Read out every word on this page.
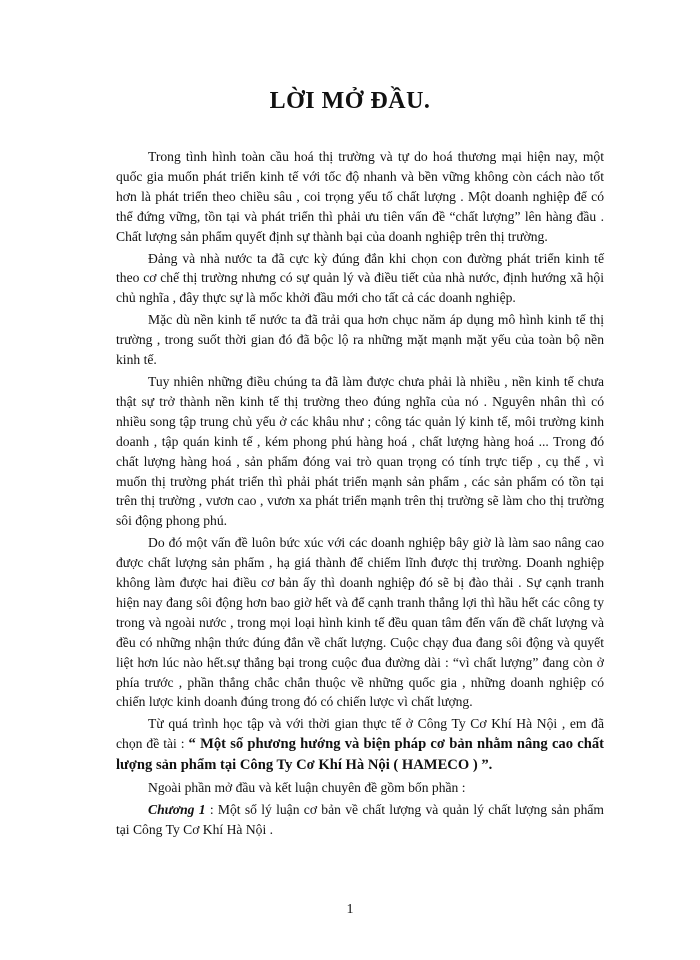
LỜI MỞ ĐẦU.

Trong tình hình toàn cầu hoá thị trường và tự do hoá thương mại hiện nay, một quốc gia muốn phát triển kinh tế với tốc độ nhanh và bền vững không còn cách nào tốt hơn là phát triển theo chiều sâu , coi trọng yếu tố chất lượng . Một doanh nghiệp để có thể đứng vững, tồn tại và phát triển thì phải ưu tiên vấn đề “chất lượng” lên hàng đầu . Chất lượng sản phẩm quyết định sự thành bại của doanh nghiệp trên thị trường.

Đảng và nhà nước ta đã cực kỳ đúng đắn khi chọn con đường phát triển kinh tế theo cơ chế thị trường nhưng có sự quản lý và điều tiết của nhà nước, định hướng xã hội chủ nghĩa , đây thực sự là mốc khởi đầu mới cho tất cả các doanh nghiệp.

Mặc dù nền kinh tế nước ta đã trải qua hơn chục năm áp dụng mô hình kinh tế thị trường , trong suốt thời gian đó đã bộc lộ ra những mặt mạnh mặt yếu của toàn bộ nền kinh tế.

Tuy nhiên những điều chúng ta đã làm được chưa phải là nhiều , nền kinh tế chưa thật sự trở thành nền kinh tế thị trường theo đúng nghĩa của nó . Nguyên nhân thì có nhiều song tập trung chủ yếu ở các khâu như ; công tác quản lý kinh tế, môi trường kinh doanh , tập quán kinh tế , kém phong phú hàng hoá , chất lượng hàng hoá ... Trong đó chất lượng hàng hoá , sản phẩm đóng vai trò quan trọng có tính trực tiếp , cụ thể , vì muốn thị trường phát triển thì phải phát triển mạnh sản phẩm , các sản phẩm có tồn tại trên thị trường , vươn cao , vươn xa phát triển mạnh trên thị trường sẽ làm cho thị trường sôi động phong phú.

Do đó một vấn đề luôn bức xúc với các doanh nghiệp bây giờ là làm sao nâng cao được chất lượng sản phẩm , hạ giá thành để chiếm lĩnh được thị trường. Doanh nghiệp không làm được hai điều cơ bản ấy thì doanh nghiệp đó sẽ bị đào thải . Sự cạnh tranh hiện nay đang sôi động hơn bao giờ hết và để cạnh tranh thắng lợi thì hầu hết các công ty trong và ngoài nước , trong mọi loại hình kinh tế đều quan tâm đến vấn đề chất lượng và đều có những nhận thức đúng đắn về chất lượng. Cuộc chạy đua đang sôi động và quyết liệt hơn lúc nào hết.sự thắng bại trong cuộc đua đường dài : “vì chất lượng” đang còn ở phía trước , phần thắng chắc chắn thuộc về những quốc gia , những doanh nghiệp có chiến lược kinh doanh đúng trong đó có chiến lược vì chất lượng.

Từ quá trình học tập và với thời gian thực tế ở Công Ty Cơ Khí Hà Nội , em đã chọn đề tài : “ Một số phương hướng và biện pháp cơ bản nhằm nâng cao chất lượng sản phẩm tại Công Ty Cơ Khí Hà Nội ( HAMECO ) ”.

Ngoài phần mở đầu và kết luận chuyên đề gồm bốn phần :

Chương 1 : Một số lý luận cơ bản về chất lượng và quản lý chất lượng sản phẩm tại Công Ty Cơ Khí Hà Nội .

1
